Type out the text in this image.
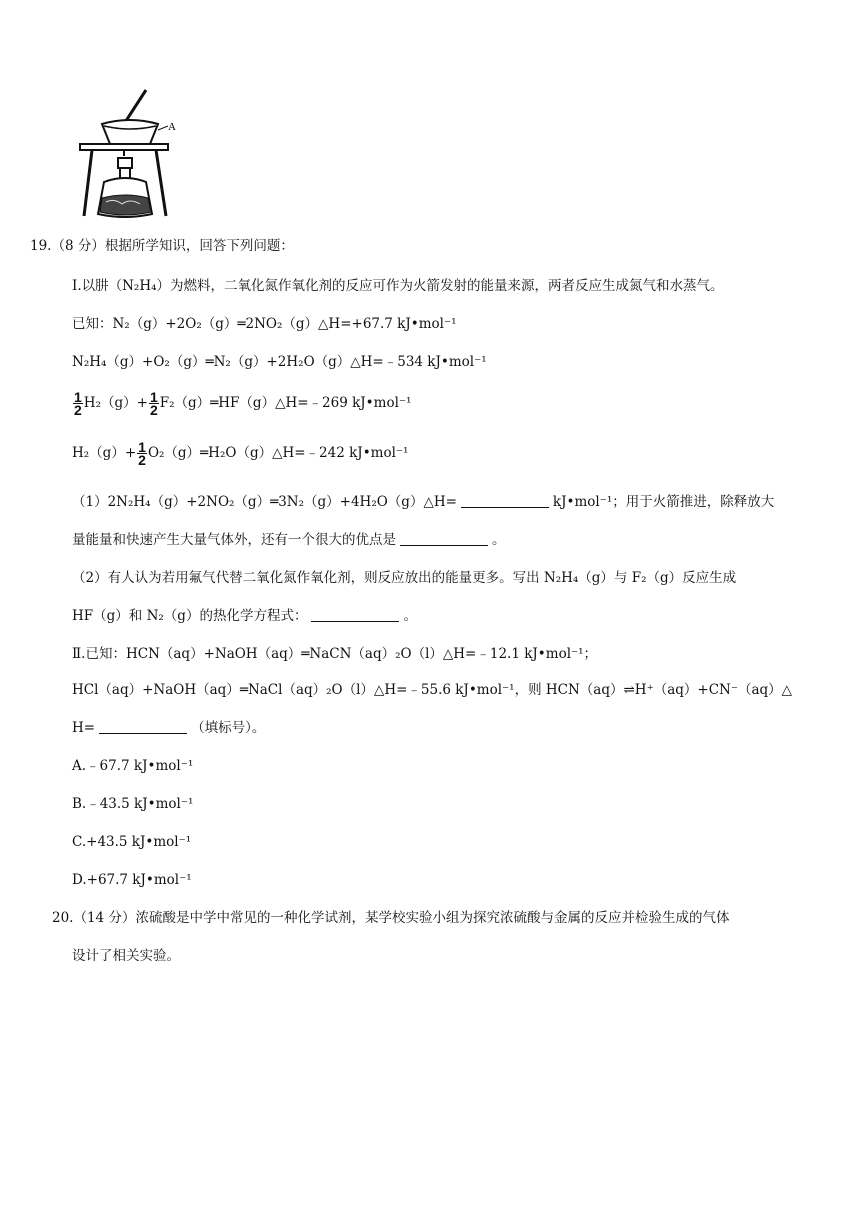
A
19.（8 分）根据所学知识，回答下列问题：
I.以肼（N₂H₄）为燃料，二氧化氮作氧化剂的反应可作为火箭发射的能量来源，两者反应生成氮气和水蒸气。
已知：N₂（g）+2O₂（g）═2NO₂（g）△H=+67.7 kJ•mol⁻¹
N₂H₄（g）+O₂（g）═N₂（g）+2H₂O（g）△H=﹣534 kJ•mol⁻¹
$\frac{1}{2} H_2(g)+ \frac{1}{2}$ F₂（g）═HF（g）△H=﹣269 kJ•mol⁻¹
$H_2(g)+ \frac{1}{2}$ O₂（g）═H₂O（g）△H=﹣242 kJ•mol⁻¹
（1）2N₂H₄（g）+2NO₂（g）═3N₂（g）+4H₂O（g）△H=	kJ•mol⁻¹；用于火箭推进，除释放大
量能量和快速产生大量气体外，还有一个很大的优点是	。
（2）有人认为若用氟气代替二氧化氮作氧化剂，则反应放出的能量更多。写出 N₂H₄（g）与 F₂（g）反应生成
HF（g）和 N₂（g）的热化学方程式：	。
Ⅱ.已知：HCN（aq）+NaOH（aq）═NaCN（aq）₂O（l）△H=﹣12.1 kJ•mol⁻¹；
HCl（aq）+NaOH（aq）═NaCl（aq）₂O（l）△H=﹣55.6 kJ•mol⁻¹，则 HCN（aq）⇌H⁺（aq）+CN⁻（aq）△
H=	（填标号）。
A.﹣67.7 kJ•mol⁻¹
B.﹣43.5 kJ•mol⁻¹
C.+43.5 kJ•mol⁻¹
D.+67.7 kJ•mol⁻¹
20.（14 分）浓硫酸是中学中常见的一种化学试剂，某学校实验小组为探究浓硫酸与金属的反应并检验生成的气体
设计了相关实验。
